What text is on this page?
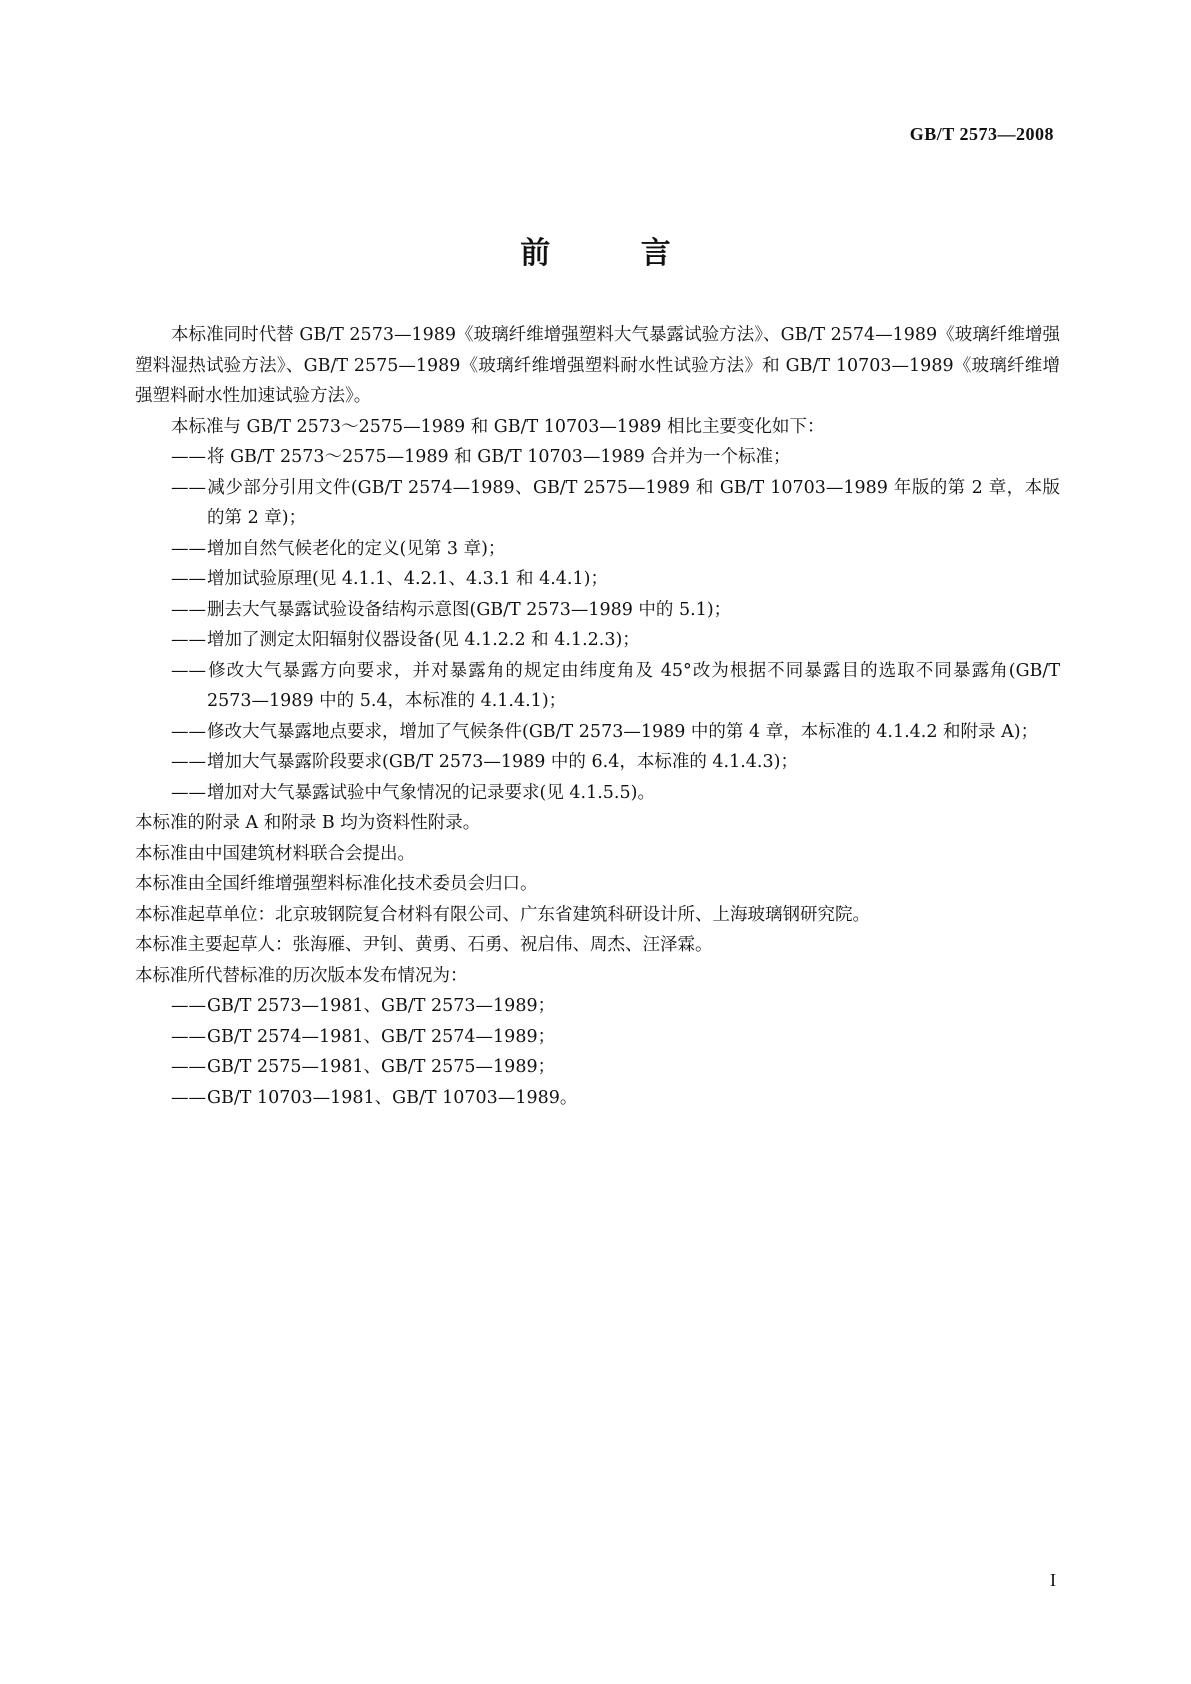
GB/T 2573—2008
前 言

本标准同时代替 GB/T 2573—1989《玻璃纤维增强塑料大气暴露试验方法》、GB/T 2574—1989《玻璃纤维增强塑料湿热试验方法》、GB/T 2575—1989《玻璃纤维增强塑料耐水性试验方法》和 GB/T 10703—1989《玻璃纤维增强塑料耐水性加速试验方法》。

本标准与 GB/T 2573～2575—1989 和 GB/T 10703—1989 相比主要变化如下：

——将 GB/T 2573～2575—1989 和 GB/T 10703—1989 合并为一个标准；

——减少部分引用文件(GB/T 2574—1989、GB/T 2575—1989 和 GB/T 10703—1989 年版的第 2 章，本版的第 2 章)；

——增加自然气候老化的定义(见第 3 章)；

——增加试验原理(见 4.1.1、4.2.1、4.3.1 和 4.4.1)；

——删去大气暴露试验设备结构示意图(GB/T 2573—1989 中的 5.1)；

——增加了测定太阳辐射仪器设备(见 4.1.2.2 和 4.1.2.3)；

——修改大气暴露方向要求，并对暴露角的规定由纬度角及 45°改为根据不同暴露目的选取不同暴露角(GB/T 2573—1989 中的 5.4，本标准的 4.1.4.1)；

——修改大气暴露地点要求，增加了气候条件(GB/T 2573—1989 中的第 4 章，本标准的 4.1.4.2 和附录 A)；

——增加大气暴露阶段要求(GB/T 2573—1989 中的 6.4，本标准的 4.1.4.3)；

——增加对大气暴露试验中气象情况的记录要求(见 4.1.5.5)。

本标准的附录 A 和附录 B 均为资料性附录。

本标准由中国建筑材料联合会提出。

本标准由全国纤维增强塑料标准化技术委员会归口。

本标准起草单位：北京玻钢院复合材料有限公司、广东省建筑科研设计所、上海玻璃钢研究院。

本标准主要起草人：张海雁、尹钊、黄勇、石勇、祝启伟、周杰、汪泽霖。

本标准所代替标准的历次版本发布情况为：

——GB/T 2573—1981、GB/T 2573—1989；

——GB/T 2574—1981、GB/T 2574—1989；

——GB/T 2575—1981、GB/T 2575—1989；

——GB/T 10703—1981、GB/T 10703—1989。

I
